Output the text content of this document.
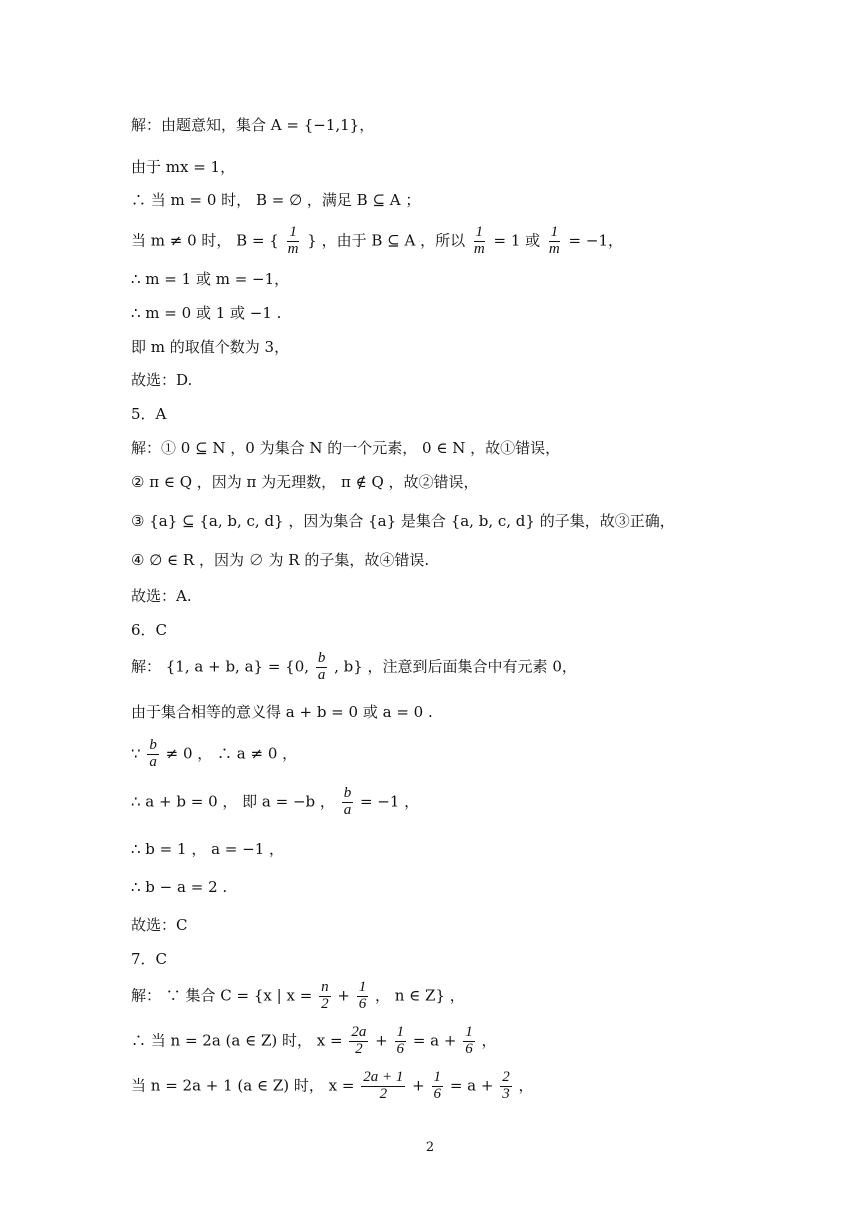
解：由题意知，集合 A = {−1,1}，
由于 mx = 1，
∴ 当 m = 0 时， B = ∅ ，满足 B ⊆ A ；
当 m ≠ 0 时， B = { $\frac{1}{m}$ } ，由于 B ⊆ A ，所以 $\frac{1}{m} = 1$ 或 $\frac{1}{m} = -1$，
∴ m = 1 或 m = −1，
∴ m = 0 或 1 或 −1 .
即 m 的取值个数为 3，
故选：D.
5．A
解：① 0 ⊆ N ，0 为集合 N 的一个元素， 0 ∈ N ，故①错误，
② π ∈ Q ，因为 π 为无理数， π ∉ Q ，故②错误，
③ {a} ⊆ {a, b, c, d} ，因为集合 {a} 是集合 {a, b, c, d} 的子集，故③正确，
④ ∅ ∈ R ，因为 ∅ 为 R 的子集，故④错误.
故选：A.
6．C
解： {1, a + b, a} = {0, $\frac{b}{a}$ , b} ，注意到后面集合中有元素 0，
由于集合相等的意义得 a + b = 0 或 a = 0 .
∵ $\frac{b}{a} \ne 0$ ， ∴ a ≠ 0 ，
∴ a + b = 0 ， 即 a = −b ， $\frac{b}{a} = -1$ ，
∴ b = 1 ， a = −1 ，
∴ b − a = 2 .
故选：C
7．C
解： ∵ 集合 C = {x | $x = \frac{n}{2} + \frac{1}{6}$ ， n ∈ Z} ，
∴ 当 n = 2a (a ∈ Z) 时， $x = \frac{2a}{2} + \frac{1}{6} = a + \frac{1}{6}$ ，
当 n = 2a + 1 (a ∈ Z) 时， $x = \frac{2a + 1}{2} + \frac{1}{6} = a + \frac{2}{3}$ ，
2
